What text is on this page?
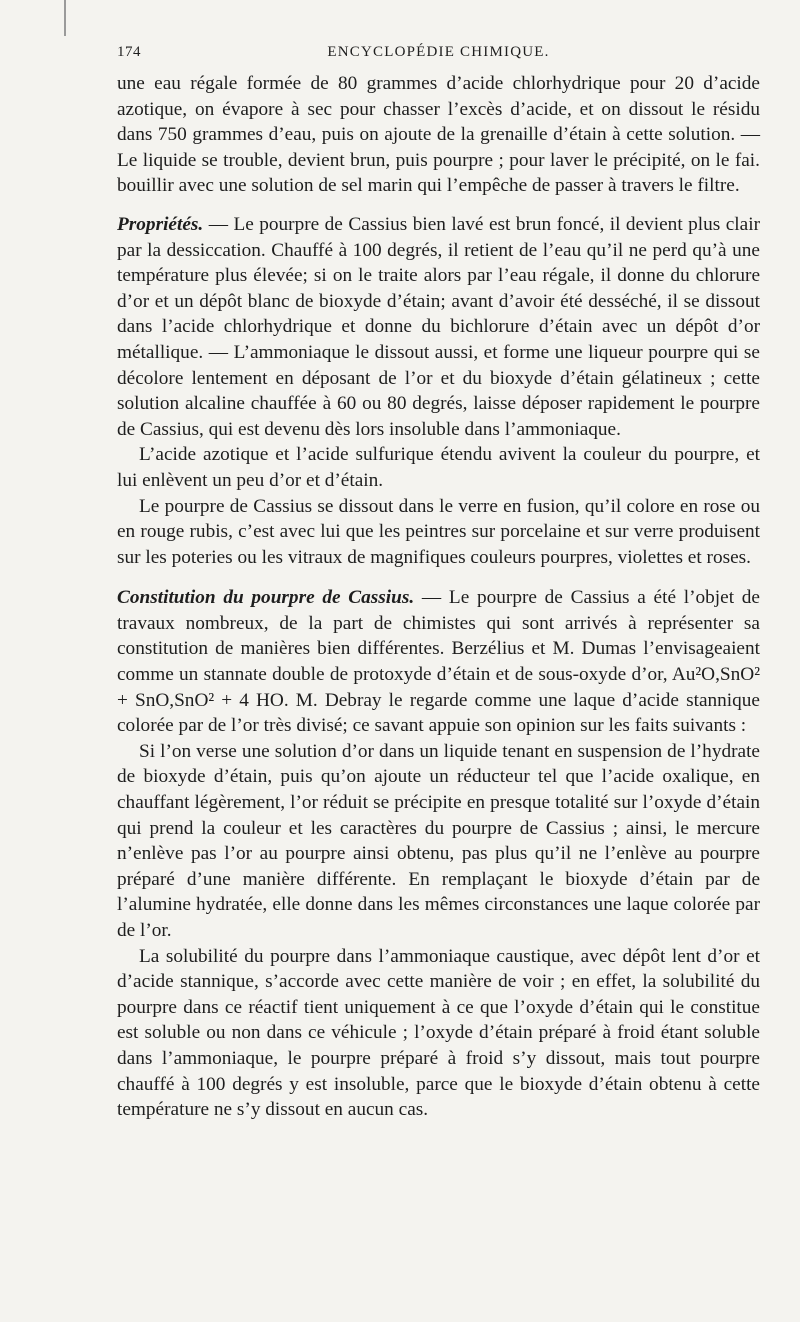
174	ENCYCLOPÉDIE CHIMIQUE.

une eau régale formée de 80 grammes d’acide chlorhydrique pour 20 d’acide azotique, on évapore à sec pour chasser l’excès d’acide, et on dissout le résidu dans 750 grammes d’eau, puis on ajoute de la grenaille d’étain à cette solution. — Le liquide se trouble, devient brun, puis pourpre ; pour laver le précipité, on le fai. bouillir avec une solution de sel marin qui l’empêche de passer à travers le filtre.

Propriétés. — Le pourpre de Cassius bien lavé est brun foncé, il devient plus clair par la dessiccation. Chauffé à 100 degrés, il retient de l’eau qu’il ne perd qu’à une température plus élevée; si on le traite alors par l’eau régale, il donne du chlorure d’or et un dépôt blanc de bioxyde d’étain; avant d’avoir été desséché, il se dissout dans l’acide chlorhydrique et donne du bichlorure d’étain avec un dépôt d’or métallique. — L’ammoniaque le dissout aussi, et forme une liqueur pourpre qui se décolore lentement en déposant de l’or et du bioxyde d’étain gélatineux ; cette solution alcaline chauffée à 60 ou 80 degrés, laisse déposer rapidement le pourpre de Cassius, qui est devenu dès lors insoluble dans l’ammoniaque.

L’acide azotique et l’acide sulfurique étendu avivent la couleur du pourpre, et lui enlèvent un peu d’or et d’étain.

Le pourpre de Cassius se dissout dans le verre en fusion, qu’il colore en rose ou en rouge rubis, c’est avec lui que les peintres sur porcelaine et sur verre produisent sur les poteries ou les vitraux de magnifiques couleurs pourpres, violettes et roses.

Constitution du pourpre de Cassius. — Le pourpre de Cassius a été l’objet de travaux nombreux, de la part de chimistes qui sont arrivés à représenter sa constitution de manières bien différentes. Berzélius et M. Dumas l’envisageaient comme un stannate double de protoxyde d’étain et de sous-oxyde d’or, Au²O,SnO² + SnO,SnO² + 4 HO. M. Debray le regarde comme une laque d’acide stannique colorée par de l’or très divisé; ce savant appuie son opinion sur les faits suivants :

Si l’on verse une solution d’or dans un liquide tenant en suspension de l’hydrate de bioxyde d’étain, puis qu’on ajoute un réducteur tel que l’acide oxalique, en chauffant légèrement, l’or réduit se précipite en presque totalité sur l’oxyde d’étain qui prend la couleur et les caractères du pourpre de Cassius ; ainsi, le mercure n’enlève pas l’or au pourpre ainsi obtenu, pas plus qu’il ne l’enlève au pourpre préparé d’une manière différente. En remplaçant le bioxyde d’étain par de l’alumine hydratée, elle donne dans les mêmes circonstances une laque colorée par de l’or.

La solubilité du pourpre dans l’ammoniaque caustique, avec dépôt lent d’or et d’acide stannique, s’accorde avec cette manière de voir ; en effet, la solubilité du pourpre dans ce réactif tient uniquement à ce que l’oxyde d’étain qui le constitue est soluble ou non dans ce véhicule ; l’oxyde d’étain préparé à froid étant soluble dans l’ammoniaque, le pourpre préparé à froid s’y dissout, mais tout pourpre chauffé à 100 degrés y est insoluble, parce que le bioxyde d’étain obtenu à cette température ne s’y dissout en aucun cas.
